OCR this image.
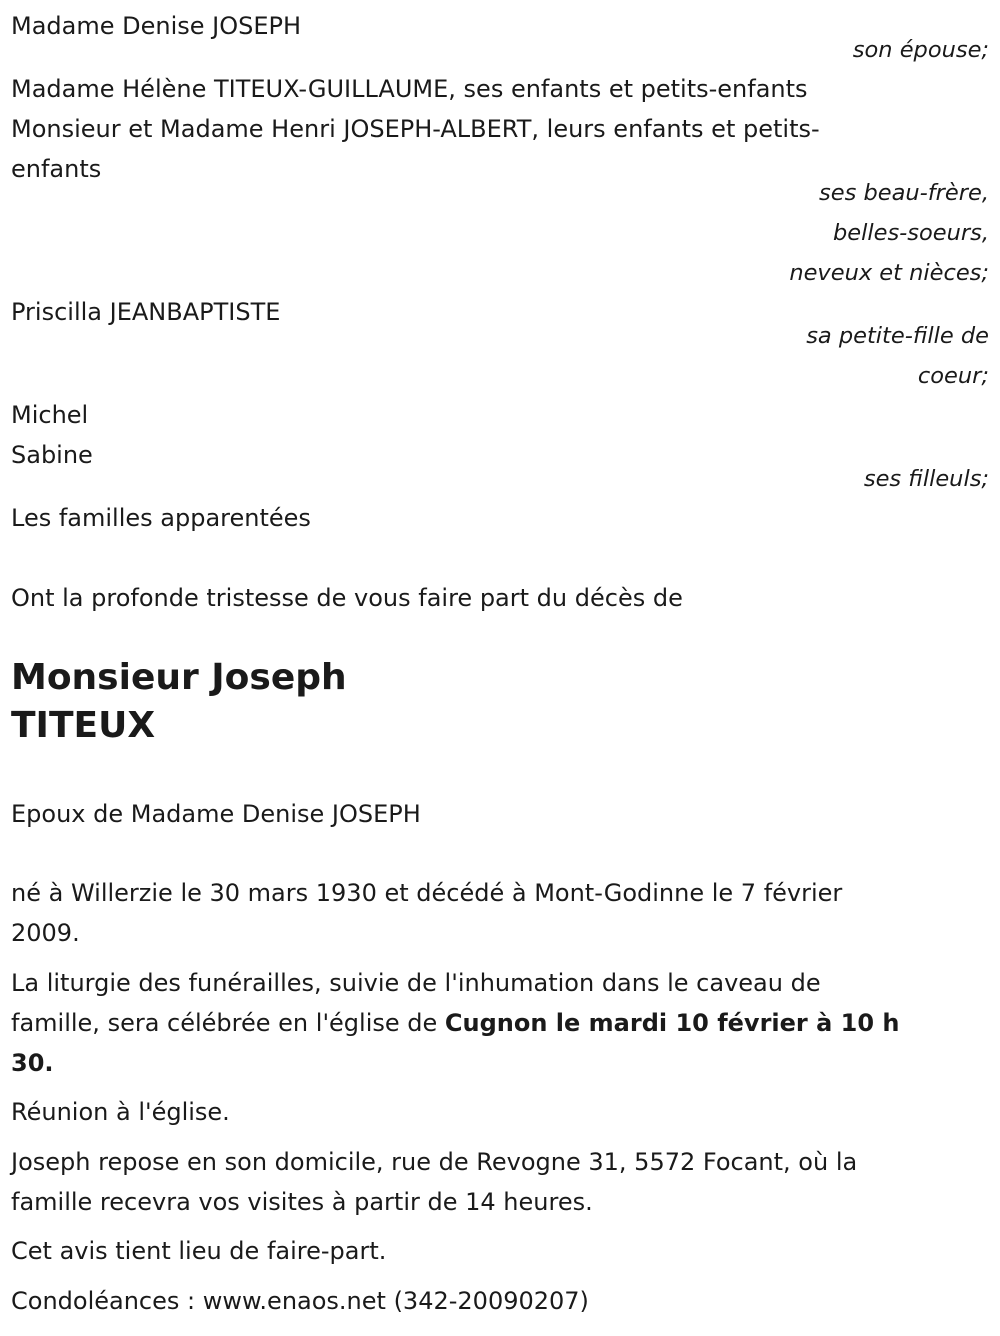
Madame Denise JOSEPH

son épouse;

Madame Hélène TITEUX-GUILLAUME, ses enfants et petits-enfants

Monsieur et Madame Henri JOSEPH-ALBERT, leurs enfants et petits-

enfants

ses beau-frère,

belles-soeurs,

neveux et nièces;

Priscilla JEANBAPTISTE

sa petite-fille de

coeur;

Michel

Sabine

ses filleuls;

Les familles apparentées

Ont la profonde tristesse de vous faire part du décès de

Monsieur Joseph

TITEUX

Epoux de Madame Denise JOSEPH

né à Willerzie le 30 mars 1930 et décédé à Mont-Godinne le 7 février

2009.

La liturgie des funérailles, suivie de l'inhumation dans le caveau de

famille, sera célébrée en l'église de Cugnon le mardi 10 février à 10 h

30.

Réunion à l'église.

Joseph repose en son domicile, rue de Revogne 31, 5572 Focant, où la

famille recevra vos visites à partir de 14 heures.

Cet avis tient lieu de faire-part.

Condoléances : www.enaos.net (342-20090207)
